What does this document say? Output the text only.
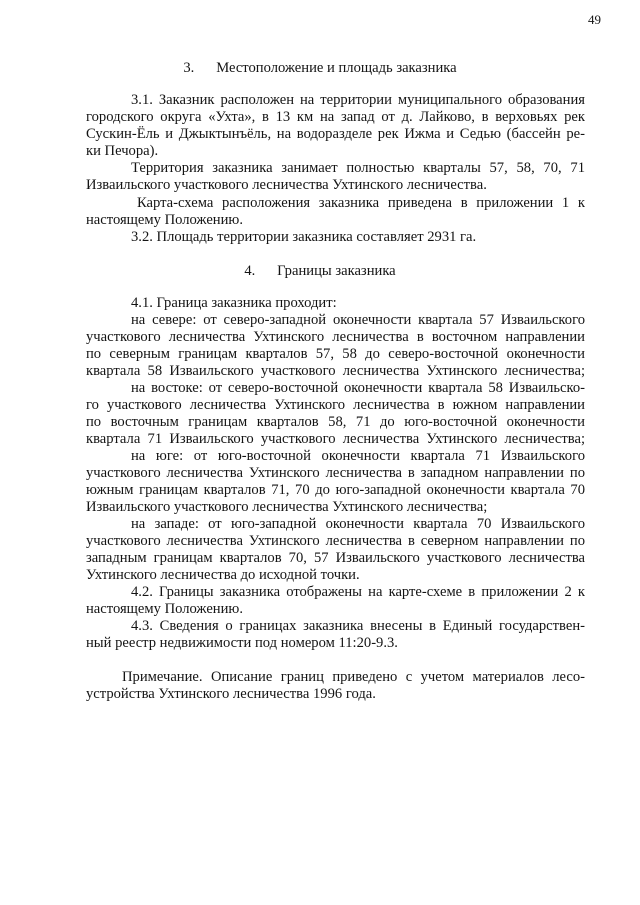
49
3.      Местоположение и площадь заказника
3.1. Заказник расположен на территории муниципального образования
городского округа «Ухта», в 13 км на запад от д. Лайково, в верховьях рек
Сускин-Ёль и Джыктынъёль, на водоразделе рек Ижма и Седью (бассейн ре-
ки Печора).
Территория заказника занимает полностью кварталы 57, 58, 70, 71
Изваильского участкового лесничества Ухтинского лесничества.
Карта-схема расположения заказника приведена в приложении 1 к
настоящему Положению.
3.2. Площадь территории заказника составляет 2931 га.
4.      Границы заказника
4.1. Граница заказника проходит:
на севере: от северо-западной оконечности квартала 57 Изваильского
участкового лесничества Ухтинского лесничества в восточном направлении
по северным границам кварталов 57, 58 до северо-восточной оконечности
квартала 58 Изваильского участкового лесничества Ухтинского лесничества;
на востоке: от северо-восточной оконечности квартала 58 Изваильско-
го участкового лесничества Ухтинского лесничества в южном направлении
по восточным границам кварталов 58, 71 до юго-восточной оконечности
квартала 71 Изваильского участкового лесничества Ухтинского лесничества;
на юге: от юго-восточной оконечности квартала 71 Изваильского
участкового лесничества Ухтинского лесничества в западном направлении по
южным границам кварталов 71, 70 до юго-западной оконечности квартала 70
Изваильского участкового лесничества Ухтинского лесничества;
на западе: от юго-западной оконечности квартала 70 Изваильского
участкового лесничества Ухтинского лесничества в северном направлении по
западным границам кварталов 70, 57 Изваильского участкового лесничества
Ухтинского лесничества до исходной точки.
4.2. Границы заказника отображены на карте-схеме в приложении 2 к
настоящему Положению.
4.3. Сведения о границах заказника внесены в Единый государствен-
ный реестр недвижимости под номером 11:20-9.3.
Примечание. Описание границ приведено с учетом материалов лесо-
устройства Ухтинского лесничества 1996 года.
